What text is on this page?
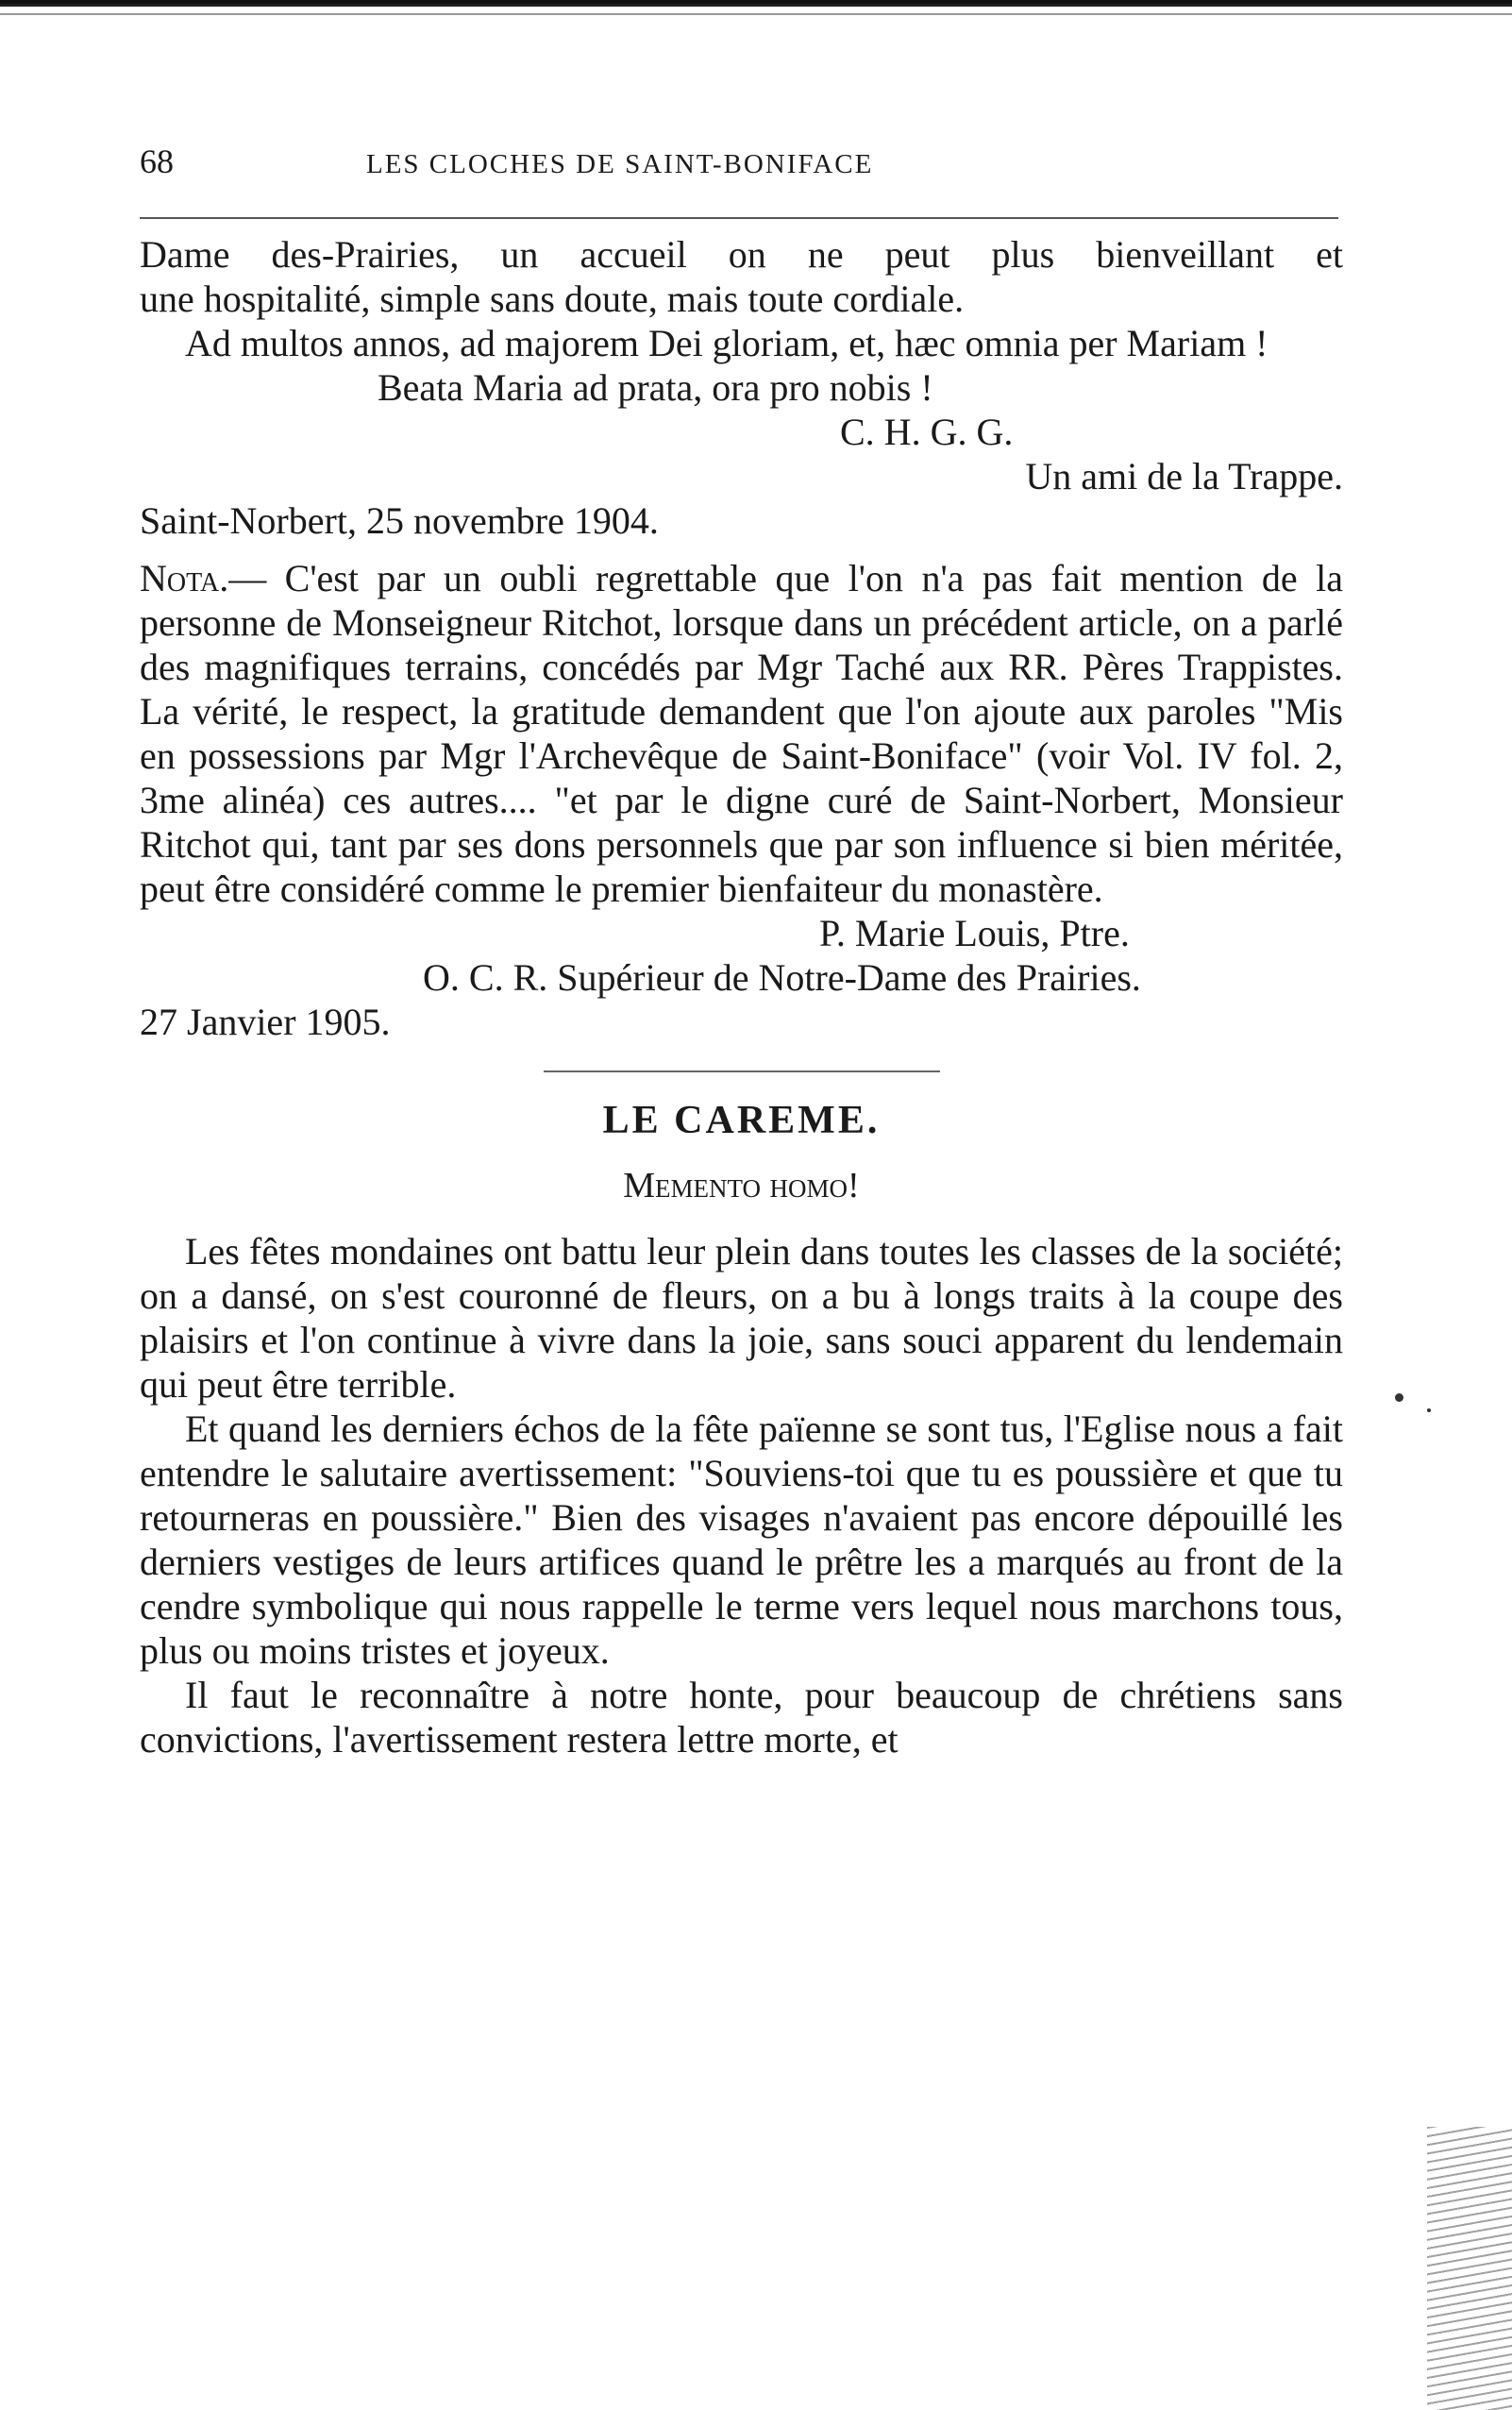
68	LES CLOCHES DE SAINT-BONIFACE

Dame des-Prairies, un accueil on ne peut plus bienveillant et

une hospitalité, simple sans doute, mais toute cordiale.

Ad multos annos, ad majorem Dei gloriam, et, hæc omnia per Mariam !

Beata Maria ad prata, ora pro nobis !

C. H. G. G.

Un ami de la Trappe.

Saint-Norbert, 25 novembre 1904.

Nota.— C'est par un oubli regrettable que l'on n'a pas fait mention de la personne de Monseigneur Ritchot, lorsque dans un précédent article, on a parlé des magnifiques terrains, concédés par Mgr Taché aux RR. Pères Trappistes. La vérité, le respect, la gratitude demandent que l'on ajoute aux paroles "Mis en possessions par Mgr l'Archevêque de Saint-Boniface" (voir Vol. IV fol. 2, 3me alinéa) ces autres.... "et par le digne curé de Saint-Norbert, Monsieur Ritchot qui, tant par ses dons personnels que par son influence si bien méritée, peut être considéré comme le premier bienfaiteur du monastère.

P. Marie Louis, Ptre.

O. C. R. Supérieur de Notre-Dame des Prairies.

27 Janvier 1905.

LE CAREME.
Memento homo!

Les fêtes mondaines ont battu leur plein dans toutes les classes de la société; on a dansé, on s'est couronné de fleurs, on a bu à longs traits à la coupe des plaisirs et l'on continue à vivre dans la joie, sans souci apparent du lendemain qui peut être terrible.

Et quand les derniers échos de la fête païenne se sont tus, l'Eglise nous a fait entendre le salutaire avertissement: "Souviens-toi que tu es poussière et que tu retourneras en poussière." Bien des visages n'avaient pas encore dépouillé les derniers vestiges de leurs artifices quand le prêtre les a marqués au front de la cendre symbolique qui nous rappelle le terme vers lequel nous marchons tous, plus ou moins tristes et joyeux.

Il faut le reconnaître à notre honte, pour beaucoup de chrétiens sans convictions, l'avertissement restera lettre morte, et
